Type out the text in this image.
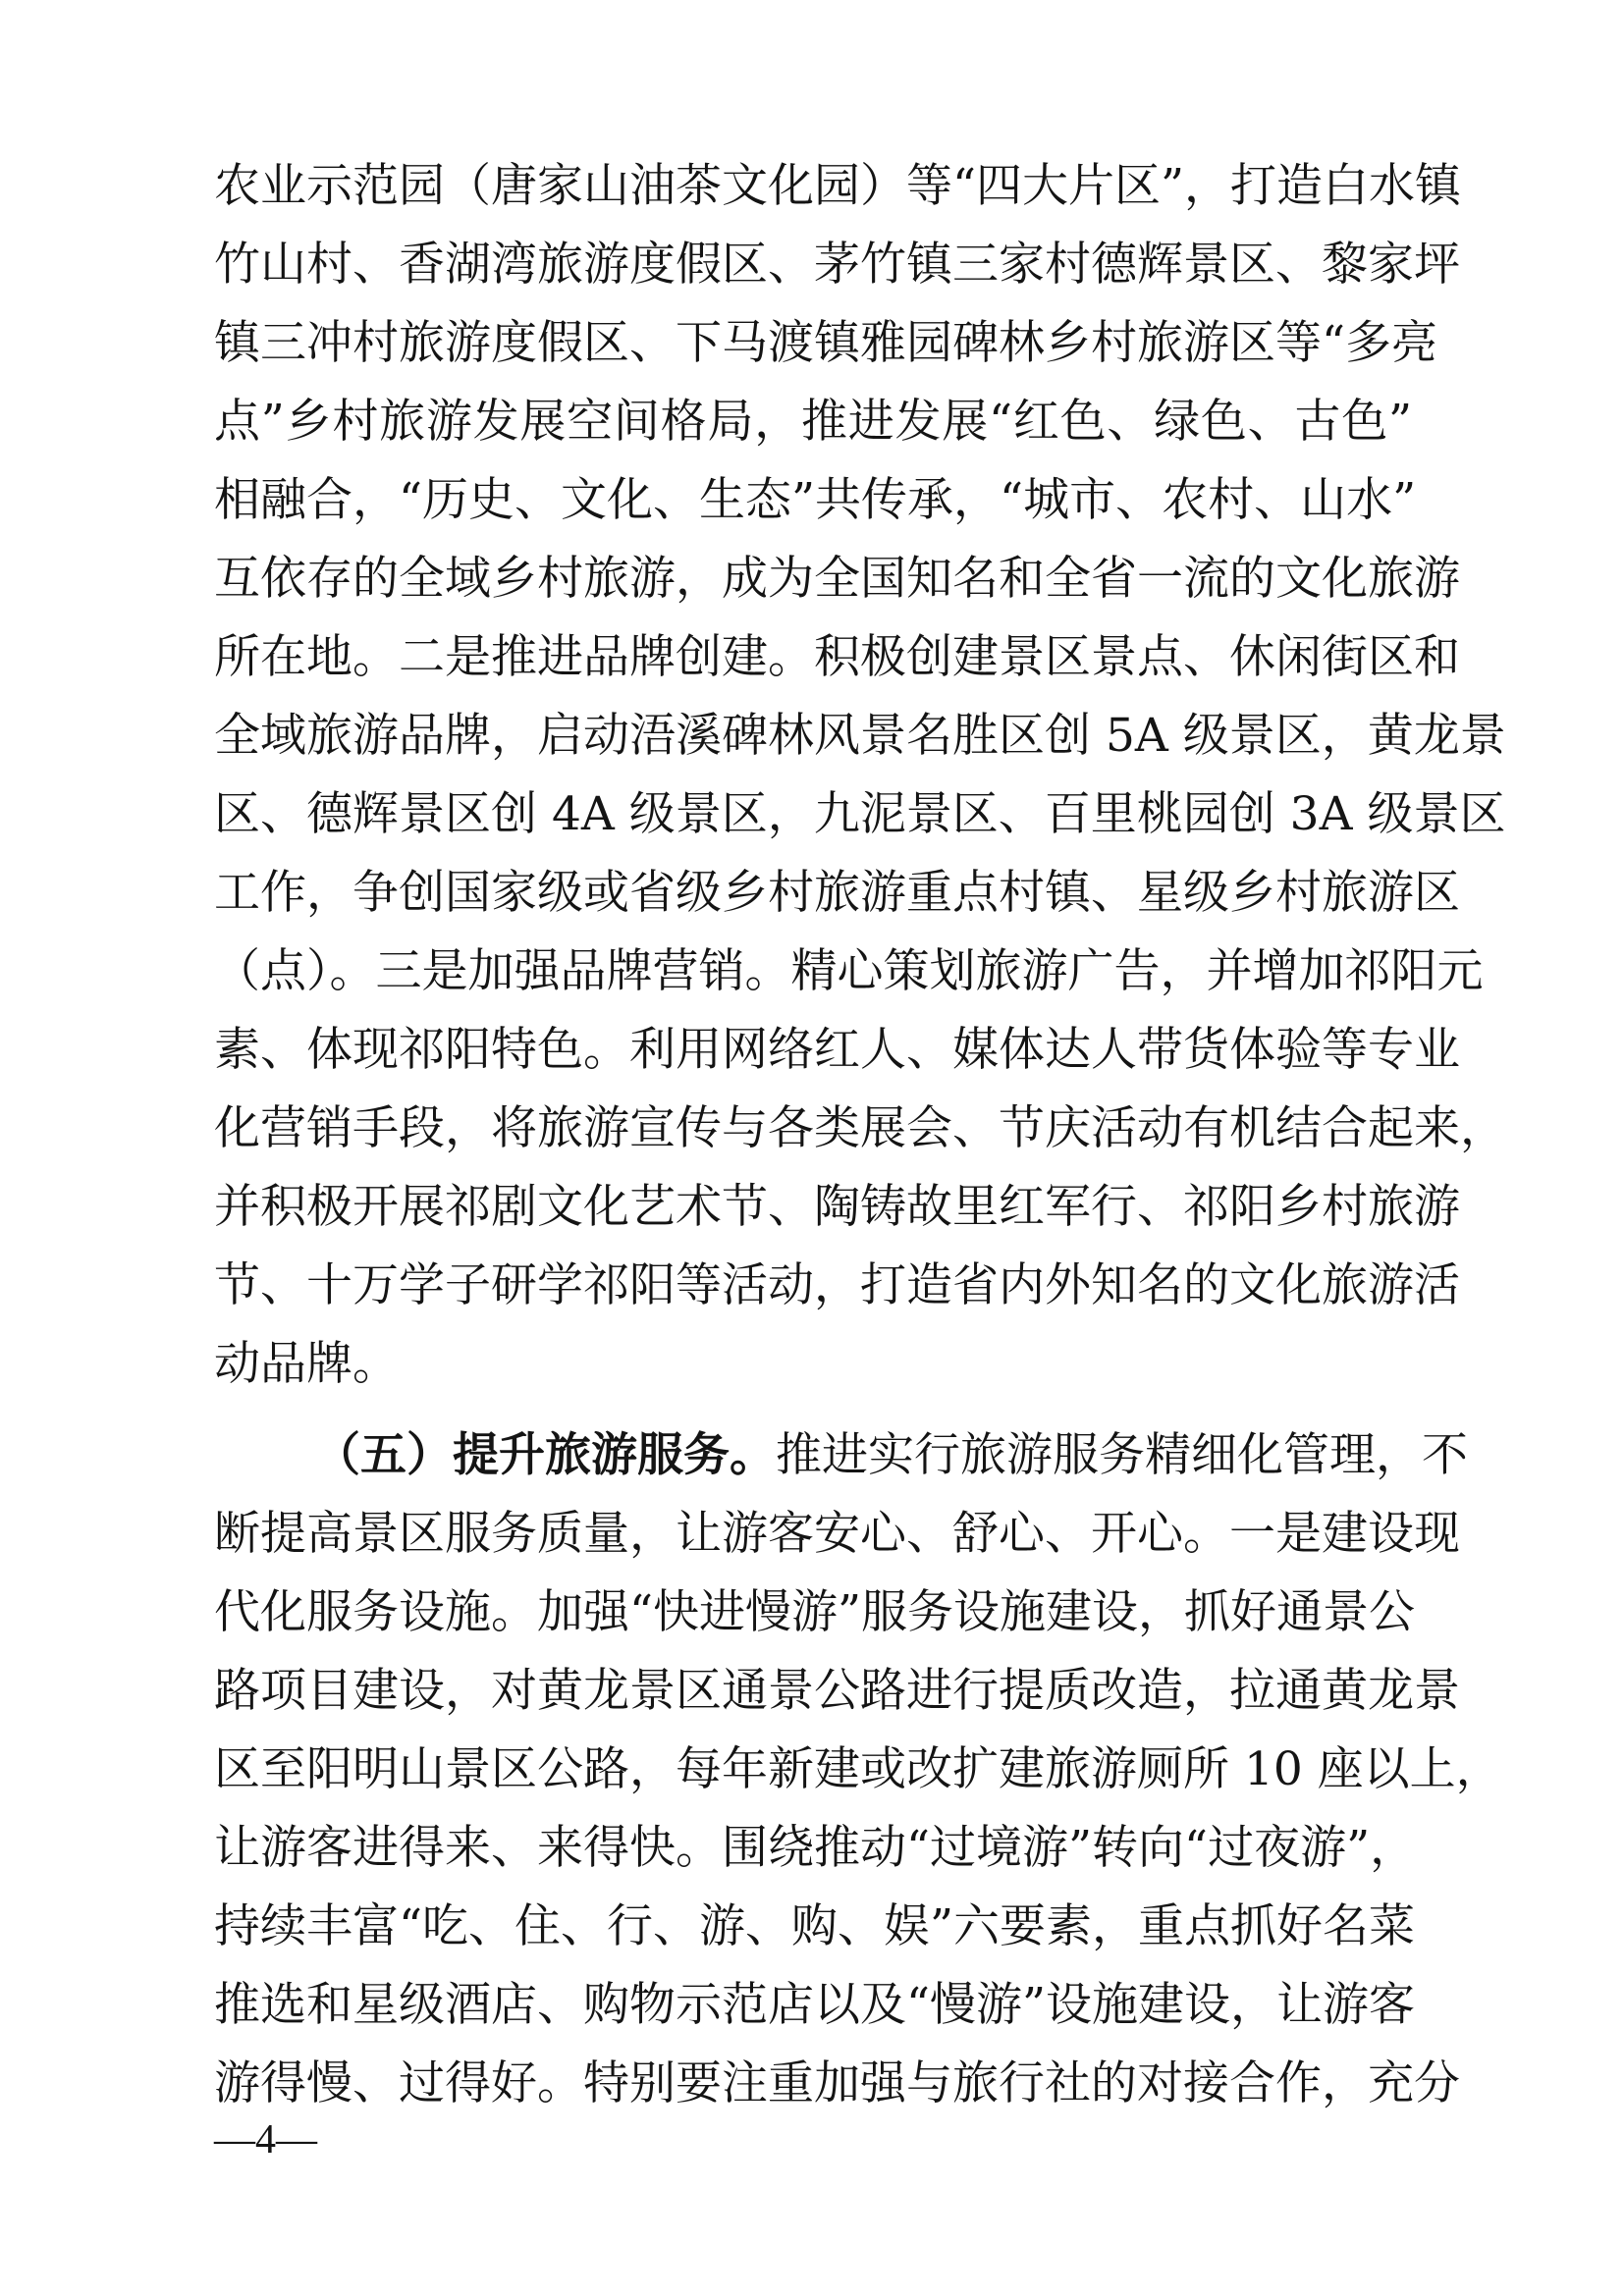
农业示范园（唐家山油茶文化园）等“四大片区”，打造白水镇
竹山村、香湖湾旅游度假区、茅竹镇三家村德辉景区、黎家坪
镇三冲村旅游度假区、下马渡镇雅园碑林乡村旅游区等“多亮
点”乡村旅游发展空间格局，推进发展“红色、绿色、古色”
相融合，“历史、文化、生态”共传承，“城市、农村、山水”
互依存的全域乡村旅游，成为全国知名和全省一流的文化旅游
所在地。二是推进品牌创建。积极创建景区景点、休闲街区和
全域旅游品牌，启动浯溪碑林风景名胜区创 5A 级景区，黄龙景
区、德辉景区创 4A 级景区，九泥景区、百里桃园创 3A 级景区
工作，争创国家级或省级乡村旅游重点村镇、星级乡村旅游区
（点）。三是加强品牌营销。精心策划旅游广告，并增加祁阳元
素、体现祁阳特色。利用网络红人、媒体达人带货体验等专业
化营销手段，将旅游宣传与各类展会、节庆活动有机结合起来，
并积极开展祁剧文化艺术节、陶铸故里红军行、祁阳乡村旅游
节、十万学子研学祁阳等活动，打造省内外知名的文化旅游活
动品牌。
（五）提升旅游服务。推进实行旅游服务精细化管理，不
断提高景区服务质量，让游客安心、舒心、开心。一是建设现
代化服务设施。加强“快进慢游”服务设施建设，抓好通景公
路项目建设，对黄龙景区通景公路进行提质改造，拉通黄龙景
区至阳明山景区公路，每年新建或改扩建旅游厕所 10 座以上，
让游客进得来、来得快。围绕推动“过境游”转向“过夜游”，
持续丰富“吃、住、行、游、购、娱”六要素，重点抓好名菜
推选和星级酒店、购物示范店以及“慢游”设施建设，让游客
游得慢、过得好。特别要注重加强与旅行社的对接合作，充分
—4—
